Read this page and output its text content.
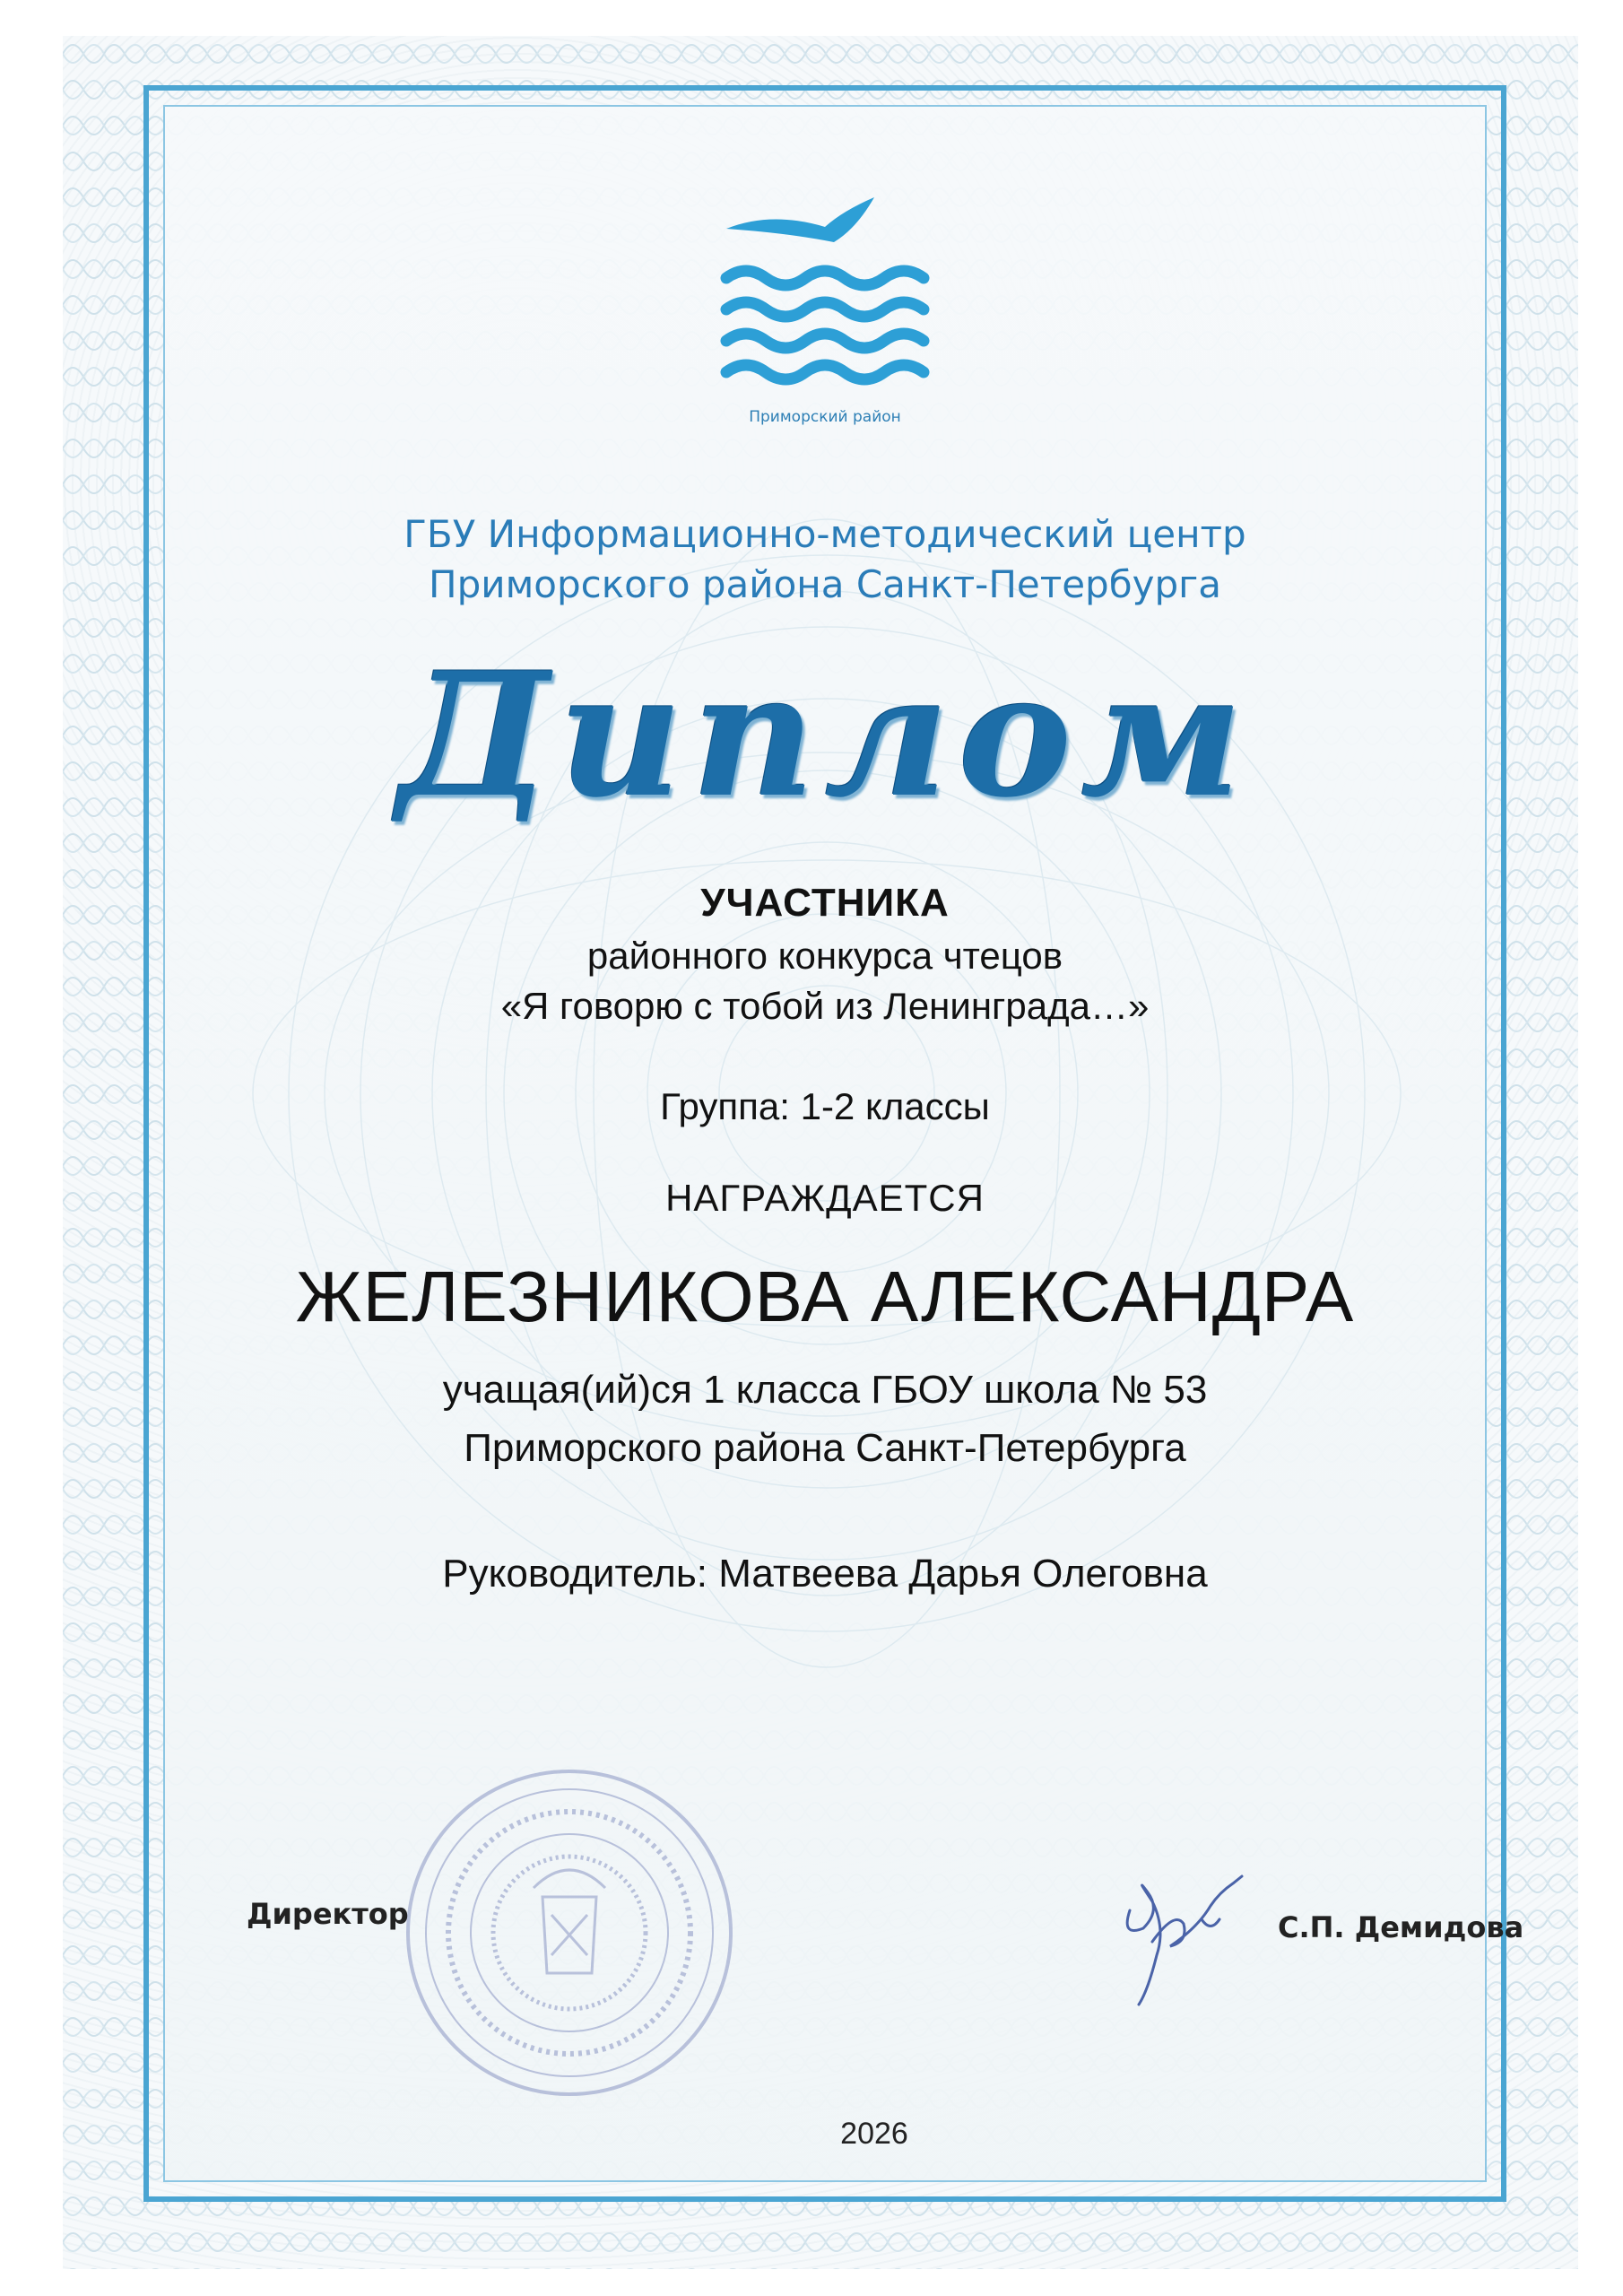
Приморский район
ГБУ Информационно-методический центр
Приморского района Санкт-Петербурга
Диплом
УЧАСТНИКА
районного конкурса чтецов
«Я говорю с тобой из Ленинграда…»
Группа: 1-2 классы
НАГРАЖДАЕТСЯ
ЖЕЛЕЗНИКОВА АЛЕКСАНДРА
учащая(ий)ся 1 класса ГБОУ школа № 53
Приморского района Санкт-Петербурга
Руководитель: Матвеева Дарья Олеговна
Директор	С.П. Демидова
2026
